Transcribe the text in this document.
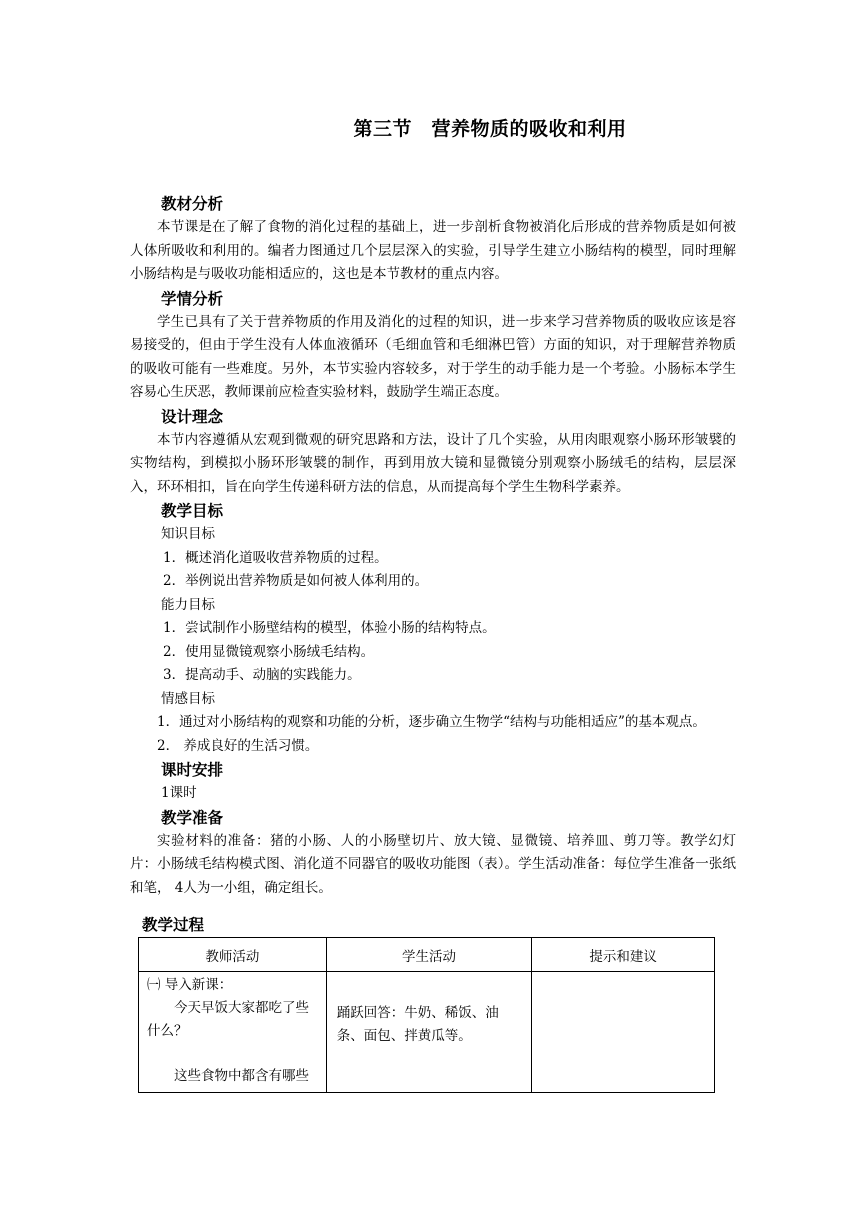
第三节　营养物质的吸收和利用
教材分析
本节课是在了解了食物的消化过程的基础上，进一步剖析食物被消化后形成的营养物质是如何被人体所吸收和利用的。编者力图通过几个层层深入的实验，引导学生建立小肠结构的模型，同时理解小肠结构是与吸收功能相适应的，这也是本节教材的重点内容。
学情分析
学生已具有了关于营养物质的作用及消化的过程的知识，进一步来学习营养物质的吸收应该是容易接受的，但由于学生没有人体血液循环（毛细血管和毛细淋巴管）方面的知识，对于理解营养物质的吸收可能有一些难度。另外，本节实验内容较多，对于学生的动手能力是一个考验。小肠标本学生容易心生厌恶，教师课前应检查实验材料，鼓励学生端正态度。
设计理念
本节内容遵循从宏观到微观的研究思路和方法，设计了几个实验，从用肉眼观察小肠环形皱襞的实物结构，到模拟小肠环形皱襞的制作，再到用放大镜和显微镜分别观察小肠绒毛的结构，层层深入，环环相扣，旨在向学生传递科研方法的信息，从而提高每个学生生物科学素养。
教学目标
知识目标
1．概述消化道吸收营养物质的过程。
2．举例说出营养物质是如何被人体利用的。
能力目标
1．尝试制作小肠壁结构的模型，体验小肠的结构特点。
2．使用显微镜观察小肠绒毛结构。
3．提高动手、动脑的实践能力。
情感目标
1．通过对小肠结构的观察和功能的分析，逐步确立生物学“结构与功能相适应”的基本观点。
2． 养成良好的生活习惯。
课时安排
1课时
教学准备
实验材料的准备：猪的小肠、人的小肠壁切片、放大镜、显微镜、培养皿、剪刀等。教学幻灯片：小肠绒毛结构模式图、消化道不同器官的吸收功能图（表）。学生活动准备：每位学生准备一张纸和笔， 4人为一小组，确定组长。
教学过程
教师活动	学生活动	提示和建议

㈠ 导入新课：
今天早饭大家都吃了些什么？
这些食物中都含有哪些	踊跃回答：牛奶、稀饭、油条、面包、拌黄瓜等。	
